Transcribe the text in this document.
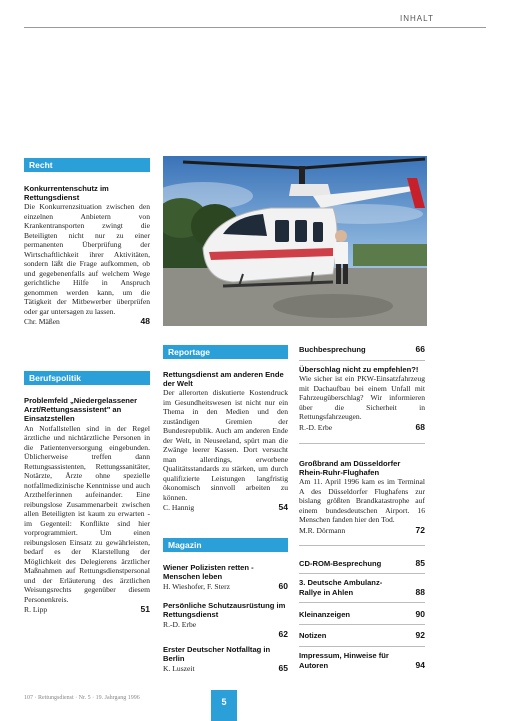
INHALT
Recht
Konkurrentenschutz im Rettungsdienst
Die Konkurrenzsituation zwischen den einzelnen Anbietern von Krankentransporten zwingt die Beteiligten nicht nur zu einer permanenten Überprüfung der Wirtschaftlichkeit ihrer Aktivitäten, sondern läßt die Frage aufkommen, ob und gegebenenfalls auf welchem Wege gerichtliche Hilfe in Anspruch genommen werden kann, um die Tätigkeit der Mitbewerber überprüfen oder gar untersagen zu lassen.
Chr. Mäßen	48
Berufspolitik
Problemfeld „Niedergelassener Arzt/Rettungsassistent" an Einsatzstellen
An Notfallstellen sind in der Regel ärztliche und nichtärztliche Personen in die Patientenversorgung eingebunden. Üblicherweise treffen dann Rettungsassistenten, Rettungssanitäter, Notärzte, Ärzte ohne spezielle notfallmedizinische Kenntnisse und auch Arzthelferinnen aufeinander. Eine reibungslose Zusammenarbeit zwischen allen Beteiligten ist kaum zu erwarten - im Gegenteil: Konflikte sind hier vorprogrammiert. Um einen reibungslosen Einsatz zu gewährleisten, bedarf es der Klarstellung der Möglichkeit des Delegierens ärztlicher Maßnahmen auf Rettungsdienstpersonal und der Erläuterung des ärztlichen Weisungsrechts gegenüber diesem Personenkreis.
R. Lipp	51
Reportage
Rettungsdienst am anderen Ende der Welt
Der allerorten diskutierte Kostendruck im Gesundheitswesen ist nicht nur ein Thema in den Medien und den zuständigen Gremien der Bundesrepublik. Auch am anderen Ende der Welt, in Neuseeland, spürt man die Zwänge leerer Kassen. Dort versucht man allerdings, erworbene Qualitätsstandards zu stärken, um durch qualifizierte Leistungen langfristig ökonomisch sinnvoll arbeiten zu können.
C. Hannig	54
Magazin
Wiener Polizisten retten - Menschen leben
H. Wieshofer, F. Sterz	60
Persönliche Schutzausrüstung im Rettungsdienst
R.-D. Erbe
62
Erster Deutscher Notfalltag in Berlin
K. Luszeit	65
Buchbesprechung	66
Überschlag nicht zu empfehlen?!
Wie sicher ist ein PKW-Einsatzfahrzeug mit Dachaufbau bei einem Unfall mit Fahrzeugüberschlag? Wir informieren über die Sicherheit in Rettungsfahrzeugen.
R.-D. Erbe	68
Großbrand am Düsseldorfer Rhein-Ruhr-Flughafen
Am 11. April 1996 kam es im Terminal A des Düsseldorfer Flughafens zur bislang größten Brandkatastrophe auf einem bundesdeutschen Airport. 16 Menschen fanden hier den Tod.
M.R. Dörmann	72
CD-ROM-Besprechung	85
3. Deutsche Ambulanz-Rallye in Ahlen	88
Kleinanzeigen	90
Notizen	92
Impressum, Hinweise für Autoren	94
107 · Rettungsdienst · Nr. 5 · 19. Jahrgang 1996	5
